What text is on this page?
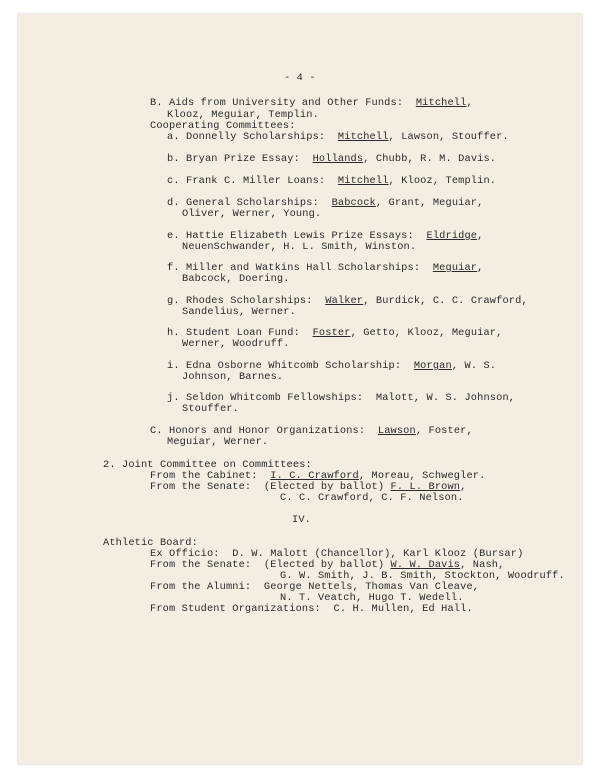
- 4 -
B. Aids from University and Other Funds:  Mitchell,
Klooz, Meguiar, Templin.
Cooperating Committees:
a. Donnelly Scholarships:  Mitchell, Lawson, Stouffer.
b. Bryan Prize Essay:  Hollands, Chubb, R. M. Davis.
c. Frank C. Miller Loans:  Mitchell, Klooz, Templin.
d. General Scholarships:  Babcock, Grant, Meguiar,
Oliver, Werner, Young.
e. Hattie Elizabeth Lewis Prize Essays:  Eldridge,
NeuenSchwander, H. L. Smith, Winston.
f. Miller and Watkins Hall Scholarships:  Meguiar,
Babcock, Doering.
g. Rhodes Scholarships:  Walker, Burdick, C. C. Crawford,
Sandelius, Werner.
h. Student Loan Fund:  Foster, Getto, Klooz, Meguiar,
Werner, Woodruff.
i. Edna Osborne Whitcomb Scholarship:  Morgan, W. S.
Johnson, Barnes.
j. Seldon Whitcomb Fellowships:  Malott, W. S. Johnson,
Stouffer.
C. Honors and Honor Organizations:  Lawson, Foster,
Meguiar, Werner.
2. Joint Committee on Committees:
From the Cabinet:  I. C. Crawford, Moreau, Schwegler.
From the Senate:  (Elected by ballot) F. L. Brown,
C. C. Crawford, C. F. Nelson.
IV.
Athletic Board:
Ex Officio:  D. W. Malott (Chancellor), Karl Klooz (Bursar)
From the Senate:  (Elected by ballot) W. W. Davis, Nash,
G. W. Smith, J. B. Smith, Stockton, Woodruff.
From the Alumni:  George Nettels, Thomas Van Cleave,
N. T. Veatch, Hugo T. Wedell.
From Student Organizations:  C. H. Mullen, Ed Hall.
